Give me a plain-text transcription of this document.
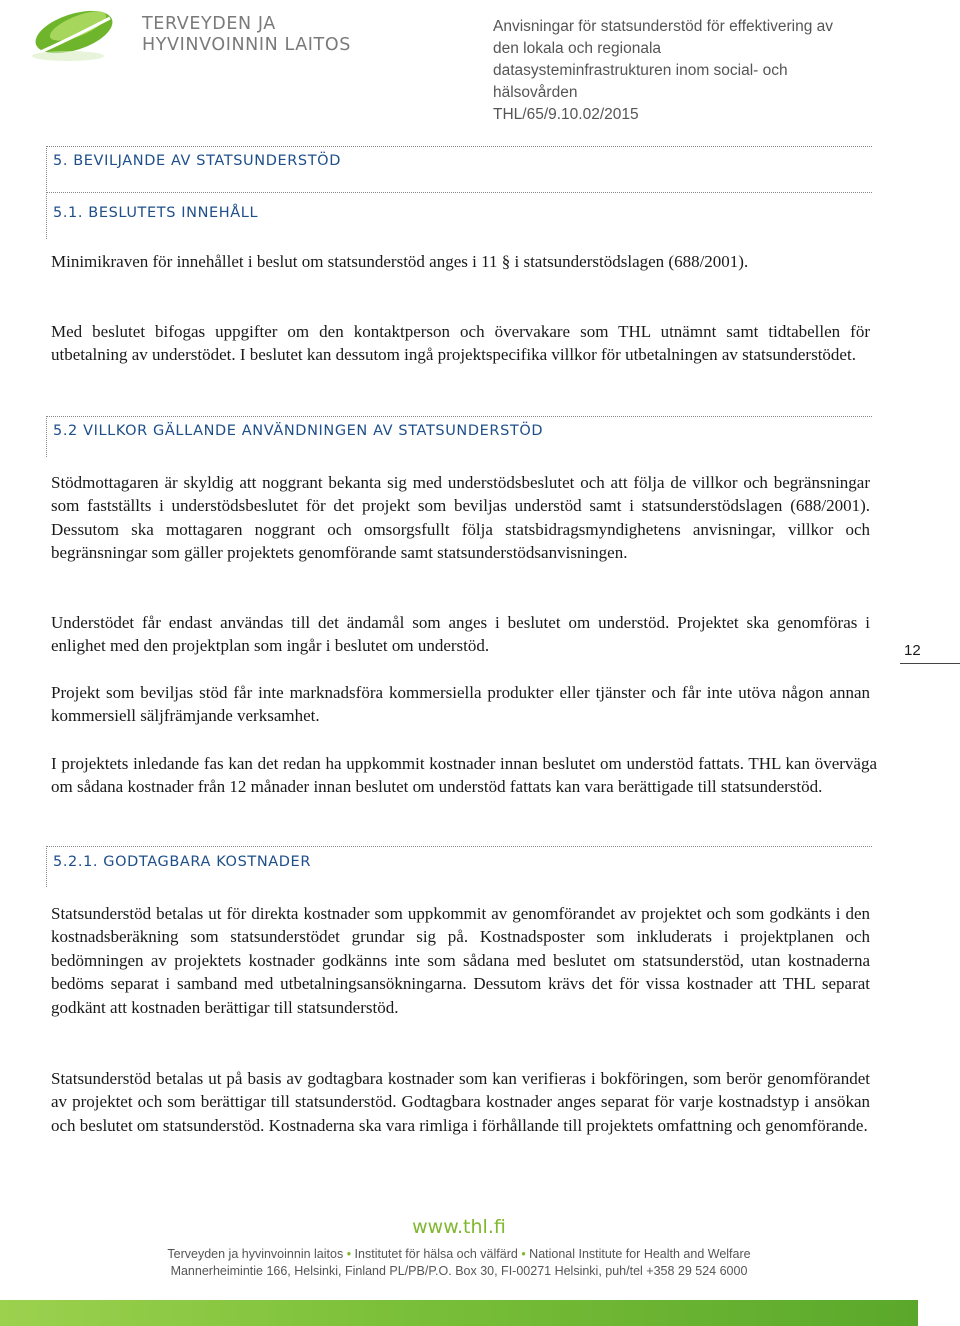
TERVEYDEN JA
HYVINVOINNIN LAITOS
Anvisningar för statsunderstöd för effektivering av
den lokala och regionala
datasysteminfrastrukturen inom social- och
hälsovården
THL/65/9.10.02/2015
5. BEVILJANDE AV STATSUNDERSTÖD
5.1. BESLUTETS INNEHÅLL

Minimikraven för innehållet i beslut om statsunderstöd anges i 11 § i statsunderstödslagen (688/2001).

Med beslutet bifogas uppgifter om den kontaktperson och övervakare som THL utnämnt samt tidtabellen för utbetalning av understödet. I beslutet kan dessutom ingå projektspecifika villkor för utbetalningen av statsunderstödet.

5.2 VILLKOR GÄLLANDE ANVÄNDNINGEN AV STATSUNDERSTÖD

Stödmottagaren är skyldig att noggrant bekanta sig med understödsbeslutet och att följa de villkor och begränsningar som fastställts i understödsbeslutet för det projekt som beviljas understöd samt i statsunderstödslagen (688/2001). Dessutom ska mottagaren noggrant och omsorgsfullt följa statsbidragsmyndighetens anvisningar, villkor och begränsningar som gäller projektets genomförande samt statsunderstödsanvisningen.

Understödet får endast användas till det ändamål som anges i beslutet om understöd. Projektet ska genomföras i enlighet med den projektplan som ingår i beslutet om understöd.

Projekt som beviljas stöd får inte marknadsföra kommersiella produkter eller tjänster och får inte utöva någon annan kommersiell säljfrämjande verksamhet.

I projektets inledande fas kan det redan ha uppkommit kostnader innan beslutet om understöd fattats. THL kan överväga om sådana kostnader från 12 månader innan beslutet om understöd fattats kan vara berättigade till statsunderstöd.

5.2.1. GODTAGBARA KOSTNADER

Statsunderstöd betalas ut för direkta kostnader som uppkommit av genomförandet av projektet och som godkänts i den kostnadsberäkning som statsunderstödet grundar sig på. Kostnadsposter som inkluderats i projektplanen och bedömningen av projektets kostnader godkänns inte som sådana med beslutet om statsunderstöd, utan kostnaderna bedöms separat i samband med utbetalningsansökningarna. Dessutom krävs det för vissa kostnader att THL separat godkänt att kostnaden berättigar till statsunderstöd.

Statsunderstöd betalas ut på basis av godtagbara kostnader som kan verifieras i bokföringen, som berör genomförandet av projektet och som berättigar till statsunderstöd. Godtagbara kostnader anges separat för varje kostnadstyp i ansökan och beslutet om statsunderstöd. Kostnaderna ska vara rimliga i förhållande till projektets omfattning och genomförande.

12
www.thl.fi
Terveyden ja hyvinvoinnin laitos • Institutet för hälsa och välfärd • National Institute for Health and Welfare
Mannerheimintie 166, Helsinki, Finland PL/PB/P.O. Box 30, FI-00271 Helsinki, puh/tel +358 29 524 6000
